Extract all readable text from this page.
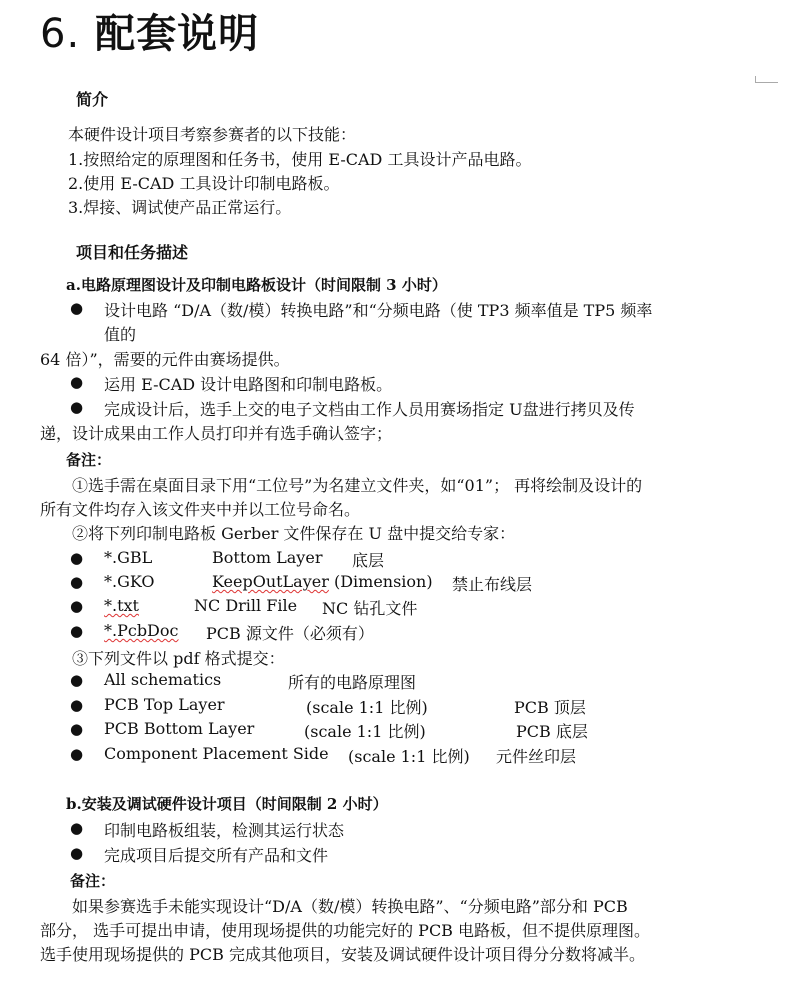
6. 配套说明
简介
本硬件设计项目考察参赛者的以下技能：
1.按照给定的原理图和任务书，使用 E-CAD 工具设计产品电路。
2.使用 E-CAD 工具设计印制电路板。
3.焊接、调试使产品正常运行。
项目和任务描述
a.电路原理图设计及印制电路板设计（时间限制 3 小时）
● 设计电路 “D/A（数/模）转换电路”和“分频电路（使 TP3 频率值是 TP5 频率
值的
64 倍）”，需要的元件由赛场提供。
● 运用 E-CAD 设计电路图和印制电路板。
● 完成设计后，选手上交的电子文档由工作人员用赛场指定 U盘进行拷贝及传
递，设计成果由工作人员打印并有选手确认签字；
备注：
①选手需在桌面目录下用“工位号”为名建立文件夹，如“01”； 再将绘制及设计的
所有文件均存入该文件夹中并以工位号命名。
②将下列印制电路板 Gerber 文件保存在 U 盘中提交给专家：
● *.GBL	Bottom Layer 底层
● *.GKO	KeepOutLayer (Dimension) 禁止布线层
● *.txt	NC Drill File NC 钻孔文件
● *.PcbDoc PCB 源文件（必须有）
③下列文件以 pdf 格式提交：
● All schematics	所有的电路原理图
● PCB Top Layer	(scale 1:1 比例)	PCB 顶层
● PCB Bottom Layer	(scale 1:1 比例)	PCB 底层
● Component Placement Side (scale 1:1 比例) 元件丝印层
b.安装及调试硬件设计项目（时间限制 2 小时）
● 印制电路板组装，检测其运行状态
● 完成项目后提交所有产品和文件
备注：
如果参赛选手未能实现设计“D/A（数/模）转换电路”、“分频电路”部分和 PCB
部分， 选手可提出申请，使用现场提供的功能完好的 PCB 电路板，但不提供原理图。
选手使用现场提供的 PCB 完成其他项目，安装及调试硬件设计项目得分分数将减半。
